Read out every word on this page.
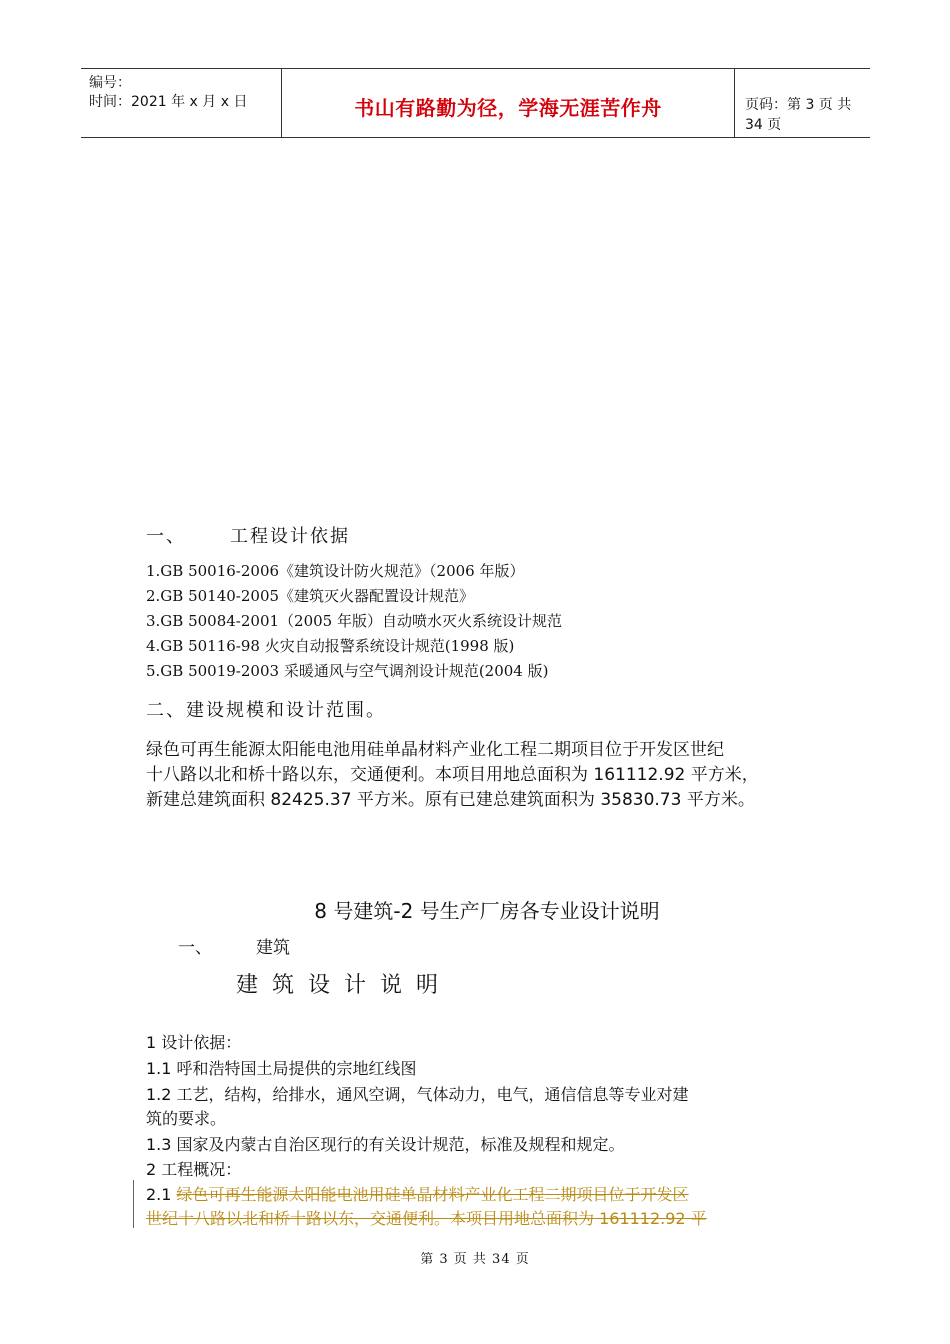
编号：
时间：2021 年 x 月 x 日	书山有路勤为径，学海无涯苦作舟	页码：第 3 页 共 34 页
一、 工程设计依据
1.GB 50016-2006《建筑设计防火规范》（2006 年版）
2.GB 50140-2005《建筑灭火器配置设计规范》
3.GB 50084-2001（2005 年版）自动喷水灭火系统设计规范
4.GB 50116-98 火灾自动报警系统设计规范(1998 版)
5.GB 50019-2003 采暖通风与空气调剂设计规范(2004 版)
二、建设规模和设计范围。
绿色可再生能源太阳能电池用硅单晶材料产业化工程二期项目位于开发区世纪
十八路以北和桥十路以东，交通便利。本项目用地总面积为 161112.92 平方米，
新建总建筑面积 82425.37 平方米。原有已建总建筑面积为 35830.73 平方米。
8 号建筑-2 号生产厂房各专业设计说明
一、	建筑
建筑设计说明
1 设计依据：
1.1 呼和浩特国土局提供的宗地红线图
1.2 工艺，结构，给排水，通风空调，气体动力，电气，通信信息等专业对建
筑的要求。
1.3 国家及内蒙古自治区现行的有关设计规范，标准及规程和规定。
2 工程概况：
2.1 绿色可再生能源太阳能电池用硅单晶材料产业化工程二期项目位于开发区
世纪十八路以北和桥十路以东，交通便利。本项目用地总面积为 161112.92 平
第 3 页 共 34 页
